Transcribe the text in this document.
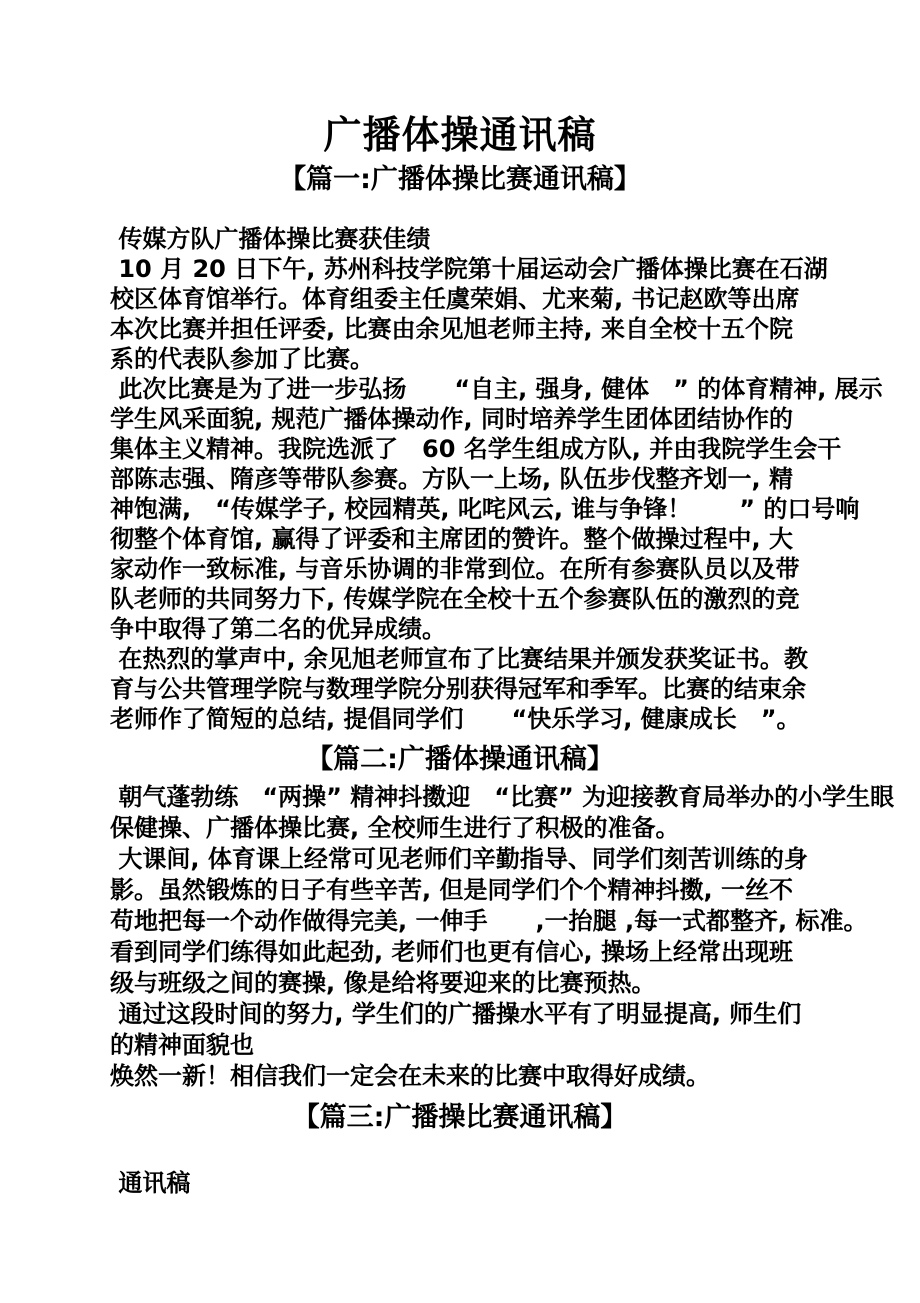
广播体操通讯稿
【篇一:广播体操比赛通讯稿】
传媒方队广播体操比赛获佳绩
10 月 20 日下午, 苏州科技学院第十届运动会广播体操比赛在石湖
校区体育馆举行。体育组委主任虞荣娟、尤来菊, 书记赵欧等出席
本次比赛并担任评委, 比赛由余见旭老师主持, 来自全校十五个院
系的代表队参加了比赛。
此次比赛是为了进一步弘扬　　“自主, 强身, 健体　” 的体育精神, 展示
学生风采面貌, 规范广播体操动作, 同时培养学生团体团结协作的
集体主义精神。我院选派了　60 名学生组成方队, 并由我院学生会干
部陈志强、隋彦等带队参赛。方队一上场, 队伍步伐整齐划一, 精
神饱满,　“传媒学子, 校园精英, 叱咤风云, 谁与争锋！　　” 的口号响
彻整个体育馆, 赢得了评委和主席团的赞许。整个做操过程中, 大
家动作一致标准, 与音乐协调的非常到位。在所有参赛队员以及带
队老师的共同努力下, 传媒学院在全校十五个参赛队伍的激烈的竞
争中取得了第二名的优异成绩。
在热烈的掌声中, 余见旭老师宣布了比赛结果并颁发获奖证书。教
育与公共管理学院与数理学院分别获得冠军和季军。比赛的结束余
老师作了简短的总结, 提倡同学们　　“快乐学习, 健康成长　”。
【篇二:广播体操通讯稿】
朝气蓬勃练　“两操” 精神抖擞迎　“比赛” 为迎接教育局举办的小学生眼
保健操、广播体操比赛, 全校师生进行了积极的准备。
大课间, 体育课上经常可见老师们辛勤指导、同学们刻苦训练的身
影。虽然锻炼的日子有些辛苦, 但是同学们个个精神抖擞, 一丝不
苟地把每一个动作做得完美, 一伸手　　,一抬腿 ,每一式都整齐, 标准。
看到同学们练得如此起劲, 老师们也更有信心, 操场上经常出现班
级与班级之间的赛操, 像是给将要迎来的比赛预热。
通过这段时间的努力, 学生们的广播操水平有了明显提高, 师生们
的精神面貌也
焕然一新！相信我们一定会在未来的比赛中取得好成绩。
【篇三:广播操比赛通讯稿】
通讯稿
